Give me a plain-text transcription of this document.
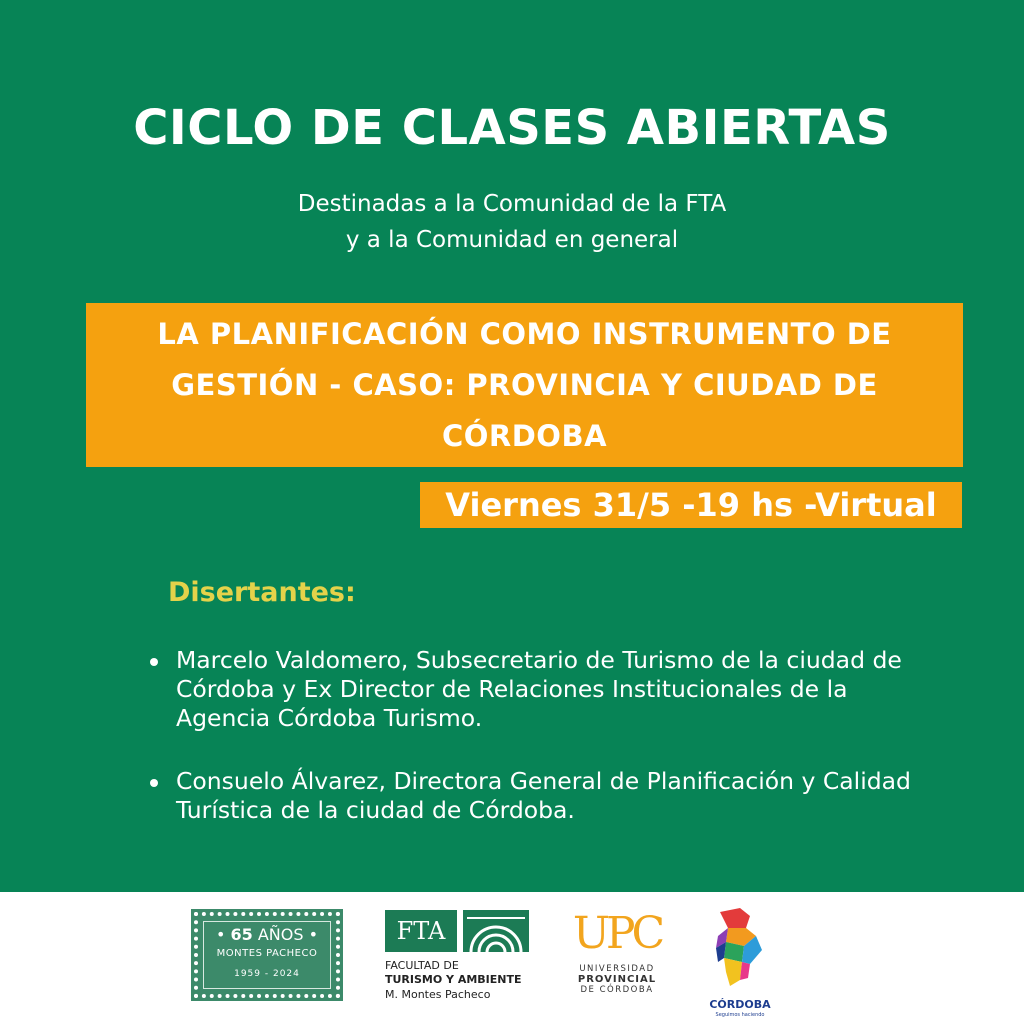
CICLO DE CLASES ABIERTAS
Destinadas a la Comunidad de la FTA
y a la Comunidad en general
LA PLANIFICACIÓN COMO INSTRUMENTO DE GESTIÓN - CASO: PROVINCIA Y CIUDAD DE CÓRDOBA
Viernes 31/5 -19 hs -Virtual
Disertantes:
Marcelo Valdomero, Subsecretario de Turismo de la ciudad de Córdoba y Ex Director de Relaciones Institucionales de la Agencia Córdoba Turismo.
Consuelo Álvarez, Directora General de Planificación y Calidad Turística de la ciudad de Córdoba.
• 65 AÑOS •
MONTES PACHECO
1959 - 2024
FTA
FACULTAD DE
TURISMO Y AMBIENTE
M. Montes Pacheco
UPC
UNIVERSIDAD
PROVINCIAL
DE CÓRDOBA
CÓRDOBA
Seguimos haciendo
